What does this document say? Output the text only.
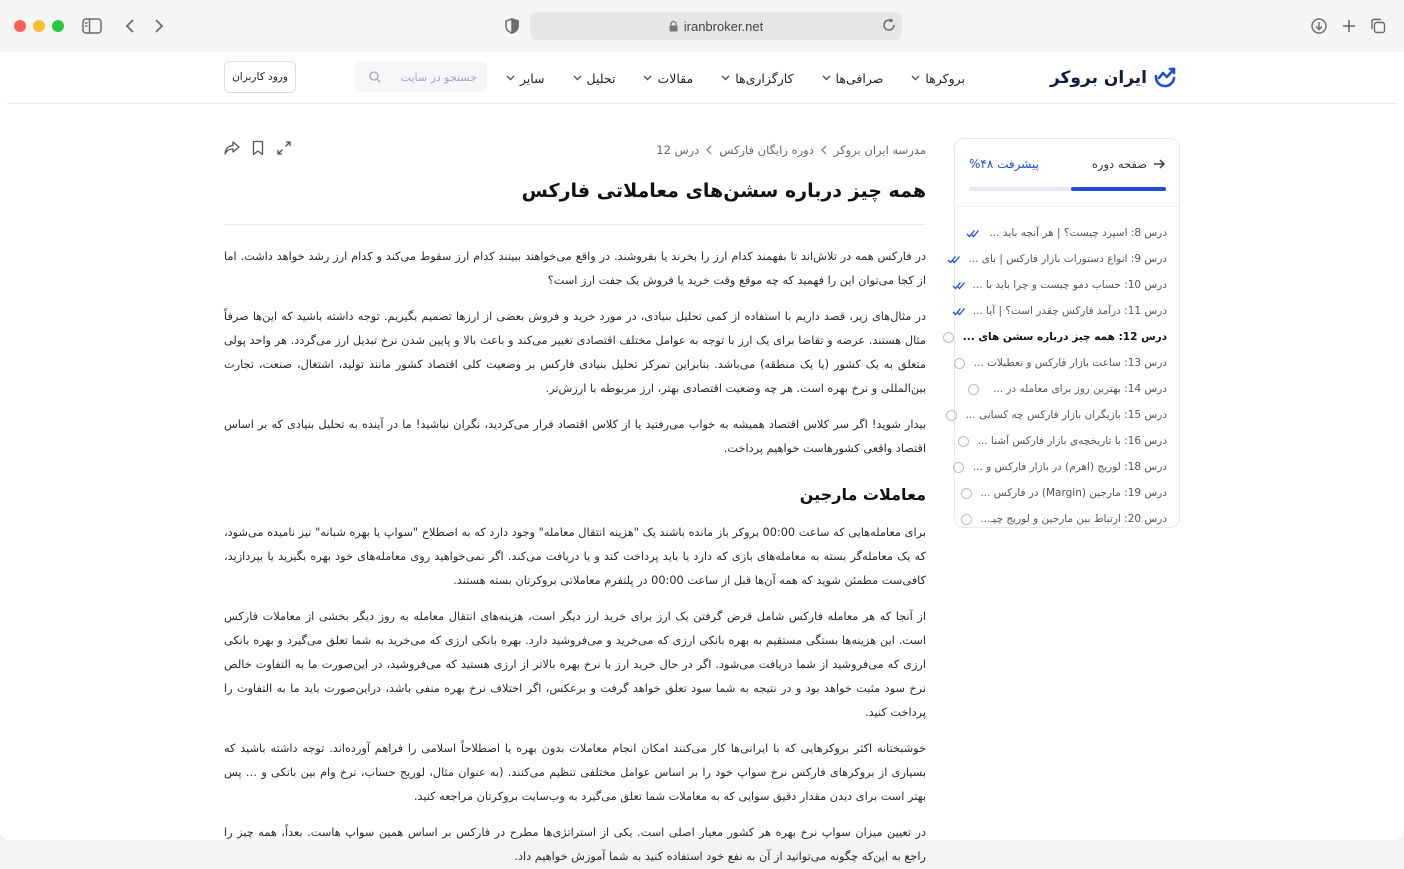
iranbroker.net
ایران بروکر
بروکرها
صرافی‌ها
کارگزاری‌ها
مقالات
تحلیل
سایر
جستجو در سایت
ورود کاربران
صفحه دوره
پیشرفت ۴۸%
درس 8: اسپرد چیست؟ | هر آنچه باید ...
درس 9: انواع دستورات بازار فارکس | بای ...
درس 10: حساب دمو چیست و چرا باید با ...
درس 11: درآمد فارکس چقدر است؟ | آیا ...
درس 12: همه چیز درباره سشن های ...
درس 13: ساعت بازار فارکس و تعطیلات ...
درس 14: بهترین روز برای معامله در ...
درس 15: بازیگران بازار فارکس چه کسانی ...
درس 16: با تاریخچه‌ی بازار فارکس آشنا ...
درس 18: لوریج (اهرم) در بازار فارکس و ...
درس 19: مارجین (Margin) در فارکس ...
درس 20: ارتباط بین مارجین و لوریج چیـ...
مدرسه ایران بروکر
دوره رایگان فارکس
درس 12
همه چیز درباره سشن‌های معاملاتی فارکس

در فارکس همه در تلاش‌اند تا بفهمند کدام ارز را بخرند یا بفروشند. در واقع می‌خواهند ببینند کدام ارز سقوط می‌کند و کدام ارز رشد خواهد داشت. اما از کجا می‌توان این را فهمید که چه موقع وقت خرید یا فروش یک جفت ارز است؟

در مثال‌های زیر، قصد داریم با استفاده از کمی تحلیل بنیادی، در مورد خرید و فروش بعضی از ارزها تصمیم بگیریم. توجه داشته باشید که این‌ها صرفاً مثال هستند. عرضه و تقاضا برای یک ارز با توجه به عوامل مختلف اقتصادی تغییر می‌کند و باعث بالا و پایین شدن نرخ تبدیل ارز می‌گردد. هر واحد پولی متعلق به یک کشور (یا یک منطقه) می‌باشد. بنابراین تمرکز تحلیل بنیادی فارکس بر وضعیت کلی اقتصاد کشور مانند تولید، اشتغال، صنعت، تجارت بین‌المللی و نرخ بهره است. هر چه وضعیت اقتصادی بهتر، ارز مربوطه با ارزش‌تر.

بیدار شوید! اگر سر کلاس اقتصاد همیشه به خواب می‌رفتید یا از کلاس اقتصاد فرار می‌کردید، نگران نباشید! ما در آینده به تحلیل بنیادی که بر اساس اقتصاد واقعی کشورهاست خواهیم پرداخت.

معاملات مارجین

برای معامله‌هایی که ساعت 00:00 بروکر باز مانده باشند یک "هزینه انتقال معامله" وجود دارد که به اصطلاح "سواپ یا بهره شبانه" نیز نامیده می‌شود، که یک معامله‌گر بسته به معامله‌های بازی که دارد یا باید پرداخت کند و یا دریافت می‌کند. اگر نمی‌خواهید روی معامله‌های خود بهره بگیرید یا بپردازید، کافی‌ست مطمئن شوید که همه آن‌ها قبل از ساعت 00:00 در پلتفرم معاملاتی بروکرتان بسته هستند.

از آنجا که هر معامله فارکس شامل قرض گرفتن یک ارز برای خرید ارز دیگر است، هزینه‌های انتقال معامله به روز دیگر بخشی از معاملات فارکس است. این هزینه‌ها بستگی مستقیم به بهره بانکی ارزی که می‌خرید و می‌فروشید دارد. بهره بانکی ارزی که می‌خرید به شما تعلق می‌گیرد و بهره بانکی ارزی که می‌فروشید از شما دریافت می‌شود. اگر در حال خرید ارز با نرخ بهره بالاتر از ارزی هستید که می‌فروشید، در این‌صورت ما به التفاوت خالص نرخ سود مثبت خواهد بود و در نتیجه به شما سود تعلق خواهد گرفت و برعکس، اگر اختلاف نرخ بهره منفی باشد، دراین‌صورت باید ما به التفاوت را پرداخت کنید.

خوشبختانه اکثر بروکرهایی که با ایرانی‌ها کار می‌کنند امکان انجام معاملات بدون بهره یا اصطلاحاً اسلامی را فراهم آورده‌اند. توجه داشته باشید که بسیاری از بروکرهای فارکس نرخ سواپ خود را بر اساس عوامل مختلفی تنظیم می‌کنند. (به عنوان مثال، لوریج حساب، نرخ وام بین بانکی و … پس بهتر است برای دیدن مقدار دقیق سوایی که به معاملات شما تعلق می‌گیرد به وب‌سایت بروکرتان مراجعه کنید.

در تعیین میزان سواپ نرخ بهره هر کشور معیار اصلی است. یکی از استراتژی‌ها مطرح در فارکس بر اساس همین سواپ هاست. بعداً، همه چیز را راجع به این‌که چگونه می‌توانید از آن به نفع خود استفاده کنید به شما آموزش خواهیم داد.
